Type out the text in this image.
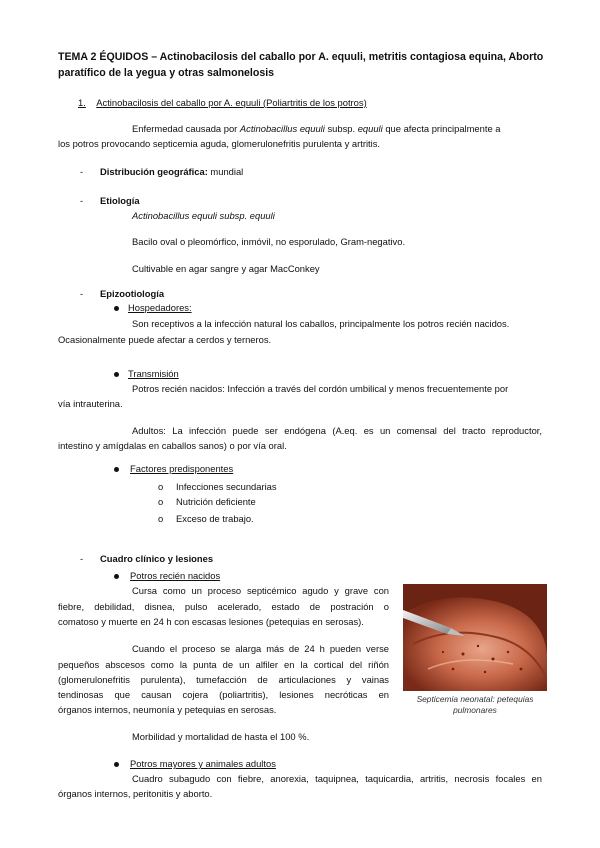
TEMA 2 ÉQUIDOS – Actinobacilosis del caballo por A. equuli, metritis contagiosa equina, Aborto
paratífico de la yegua y otras salmonelosis
1. Actinobacilosis del caballo por A. equuli (Poliartritis de los potros)
Enfermedad causada por Actinobacillus equuli subsp. equuli que afecta principalmente a
los potros provocando septicemia aguda, glomerulonefritis purulenta y artritis.
- Distribución geográfica: mundial
- Etiología
Actinobacillus equuli subsp. equuli
Bacilo oval o pleomórfico, inmóvil, no esporulado, Gram-negativo.
Cultivable en agar sangre y agar MacConkey
- Epizootiología
Hospedadores:
Son receptivos a la infección natural los caballos, principalmente los potros recién nacidos.
Ocasionalmente puede afectar a cerdos y terneros.
Transmisión
Potros recién nacidos: Infección a través del cordón umbilical y menos frecuentemente por
vía intrauterina.
Adultos: La infección puede ser endógena (A.eq. es un comensal del tracto reproductor,
intestino y amígdalas en caballos sanos) o por vía oral.
Factores predisponentes
o Infecciones secundarias
o Nutrición deficiente
o Exceso de trabajo.
- Cuadro clínico y lesiones
Potros recién nacidos
Cursa como un proceso septicémico agudo y grave con
fiebre, debilidad, disnea, pulso acelerado, estado de postración o
comatoso y muerte en 24 h con escasas lesiones (petequias en serosas).
Cuando el proceso se alarga más de 24 h pueden verse
pequeños abscesos como la punta de un alfiler en la cortical del riñón
(glomerulonefritis purulenta), tumefacción de articulaciones y vainas
tendinosas que causan cojera (poliartritis), lesiones necróticas en
órganos internos, neumonía y petequias en serosas.
Morbilidad y mortalidad de hasta el 100 %.
Septicemia neonatal: petequias pulmonares
Potros mayores y animales adultos
Cuadro subagudo con fiebre, anorexia, taquipnea, taquicardia, artritis, necrosis focales en
órganos internos, peritonitis y aborto.
